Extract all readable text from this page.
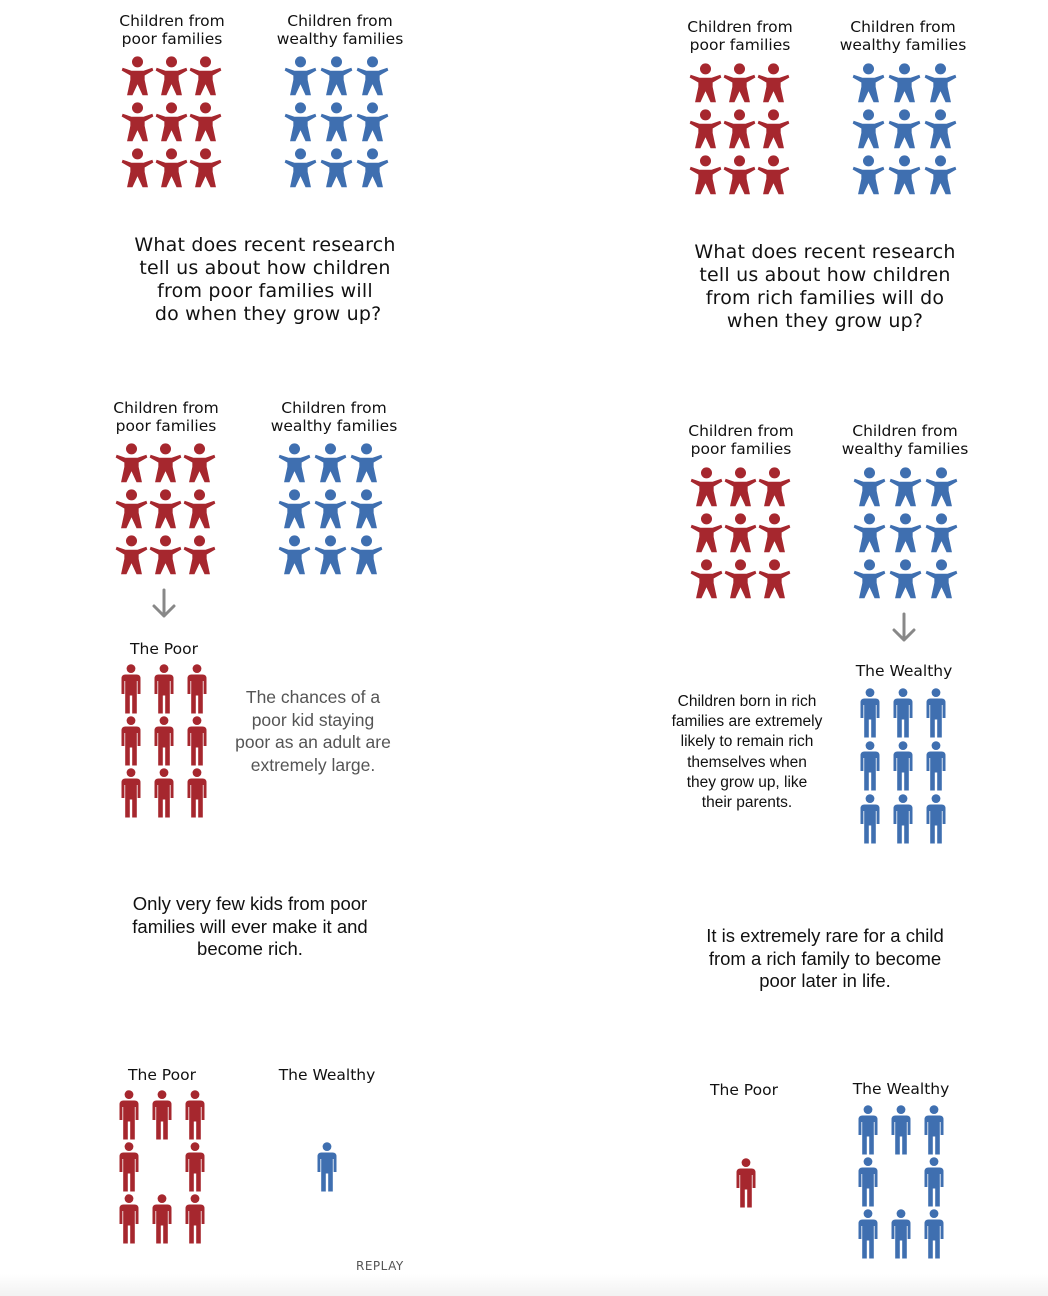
Children from
poor families
Children from
wealthy families
What does recent research
tell us about how children
from poor families will
do when they grow up?
Children from
poor families
Children from
wealthy families
The Poor
The chances of a
poor kid staying
poor as an adult are
extremely large.
Only very few kids from poor
families will ever make it and
become rich.
The Poor	The Wealthy
REPLAY
Children from
poor families
Children from
wealthy families
What does recent research
tell us about how children
from rich families will do
when they grow up?
Children from
poor families
Children from
wealthy families
The Wealthy
Children born in rich
families are extremely
likely to remain rich
themselves when
they grow up, like
their parents.
It is extremely rare for a child
from a rich family to become
poor later in life.
The Poor	The Wealthy
